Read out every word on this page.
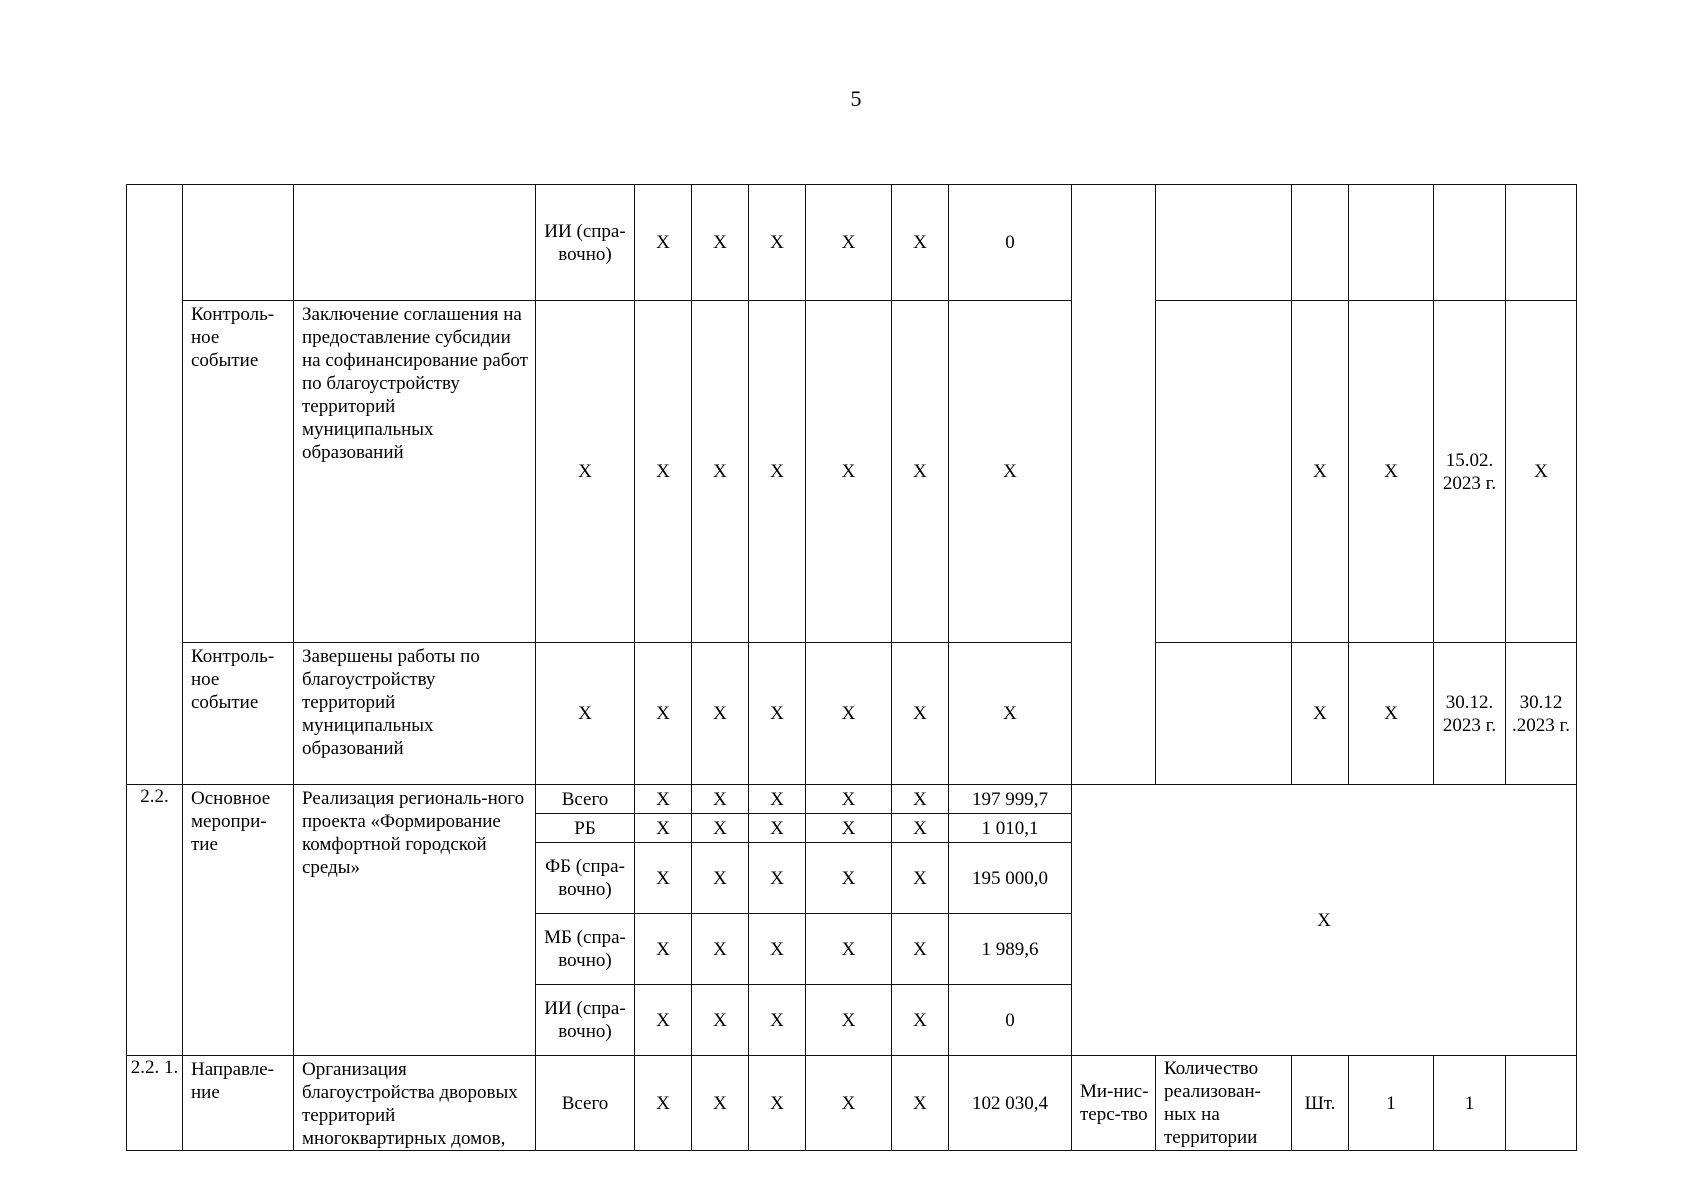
5
			ИИ (спра-вочно)	X	X	X	X	X	0						
	Контроль-ное событие	Заключение соглашения на предоставление субсидии на софинансирование работ по благоустройству территорий муниципальных образований	X	X	X	X	X	X	X			X	X	15.02. 2023 г.	X
	Контроль-ное событие	Завершены работы по благоустройству территорий муниципальных образований	X	X	X	X	X	X	X			X	X	30.12. 2023 г.	30.12 .2023 г.
2.2.	Основное меропри-тие	Реализация региональ-ного проекта «Формирование комфортной городской среды»	Всего	X	X	X	X	X	197 999,7	X					
			РБ	X	X	X	X	X	1 010,1						
			ФБ (спра-вочно)	X	X	X	X	X	195 000,0						
			МБ (спра-вочно)	X	X	X	X	X	1 989,6						
			ИИ (спра-вочно)	X	X	X	X	X	0						
2.2. 1.	Направле-ние	Организация благоустройства дворовых территорий многоквартирных домов,	Всего	X	X	X	X	X	102 030,4	Ми-нис-терс-тво	Количество реализован-ных на территории	Шт.	1	1	
